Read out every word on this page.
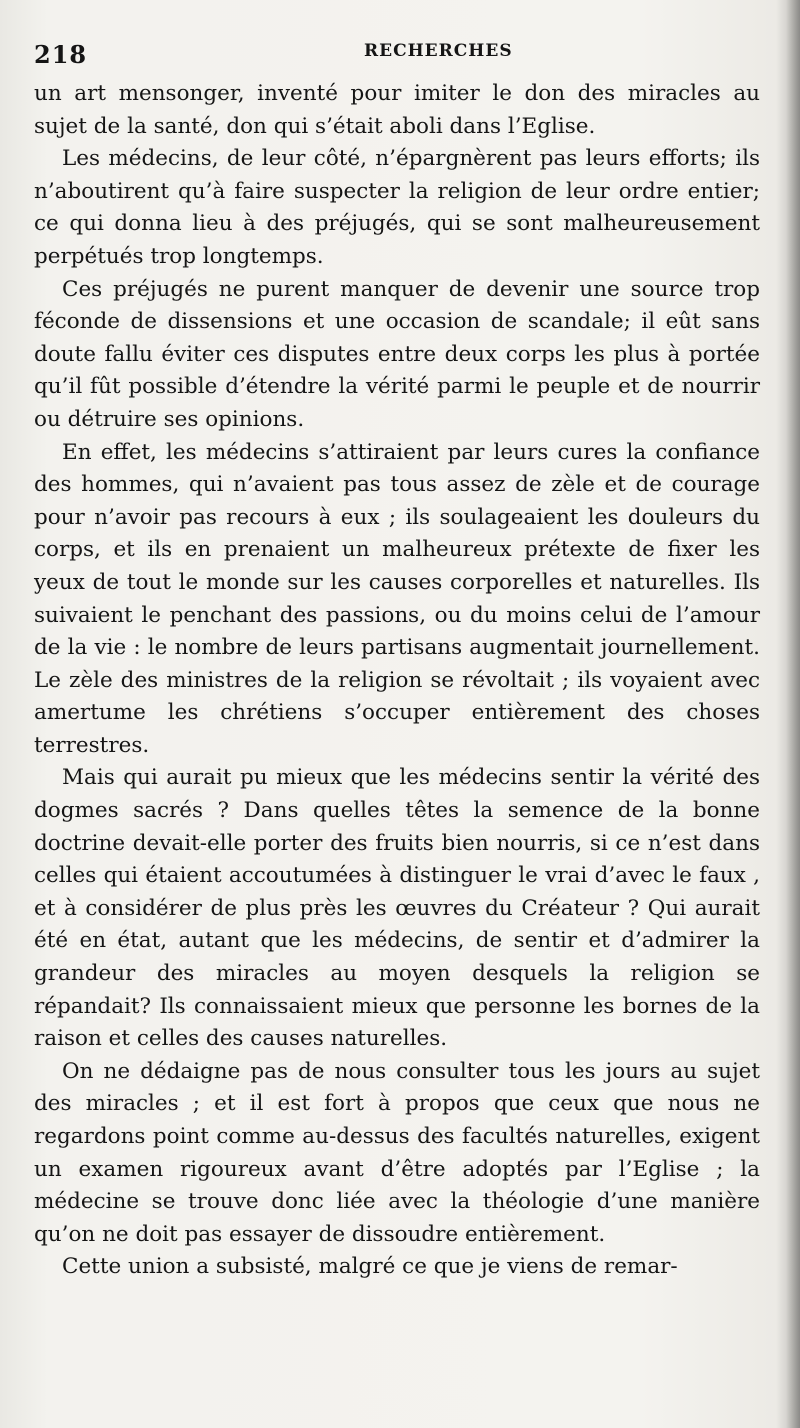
218	RECHERCHES

un art mensonger, inventé pour imiter le don des miracles au sujet de la santé, don qui s’était aboli dans l’Eglise.

Les médecins, de leur côté, n’épargnèrent pas leurs efforts; ils n’aboutirent qu’à faire suspecter la religion de leur ordre entier; ce qui donna lieu à des préjugés, qui se sont malheureusement perpétués trop longtemps.

Ces préjugés ne purent manquer de devenir une source trop féconde de dissensions et une occasion de scandale; il eût sans doute fallu éviter ces disputes entre deux corps les plus à portée qu’il fût possible d’étendre la vérité parmi le peuple et de nourrir ou détruire ses opinions.

En effet, les médecins s’attiraient par leurs cures la confiance des hommes, qui n’avaient pas tous assez de zèle et de courage pour n’avoir pas recours à eux ; ils soulageaient les douleurs du corps, et ils en prenaient un malheureux prétexte de fixer les yeux de tout le monde sur les causes corporelles et naturelles. Ils suivaient le penchant des passions, ou du moins celui de l’amour de la vie : le nombre de leurs partisans augmentait journellement. Le zèle des ministres de la religion se révoltait ; ils voyaient avec amertume les chrétiens s’occuper entièrement des choses terrestres.

Mais qui aurait pu mieux que les médecins sentir la vérité des dogmes sacrés ? Dans quelles têtes la semence de la bonne doctrine devait-elle porter des fruits bien nourris, si ce n’est dans celles qui étaient accoutumées à distinguer le vrai d’avec le faux , et à considérer de plus près les œuvres du Créateur ? Qui aurait été en état, autant que les médecins, de sentir et d’admirer la grandeur des miracles au moyen desquels la religion se répandait? Ils connaissaient mieux que personne les bornes de la raison et celles des causes naturelles.

On ne dédaigne pas de nous consulter tous les jours au sujet des miracles ; et il est fort à propos que ceux que nous ne regardons point comme au-dessus des facultés naturelles, exigent un examen rigoureux avant d’être adoptés par l’Eglise ; la médecine se trouve donc liée avec la théologie d’une manière qu’on ne doit pas essayer de dissoudre entièrement.

Cette union a subsisté, malgré ce que je viens de remar-
